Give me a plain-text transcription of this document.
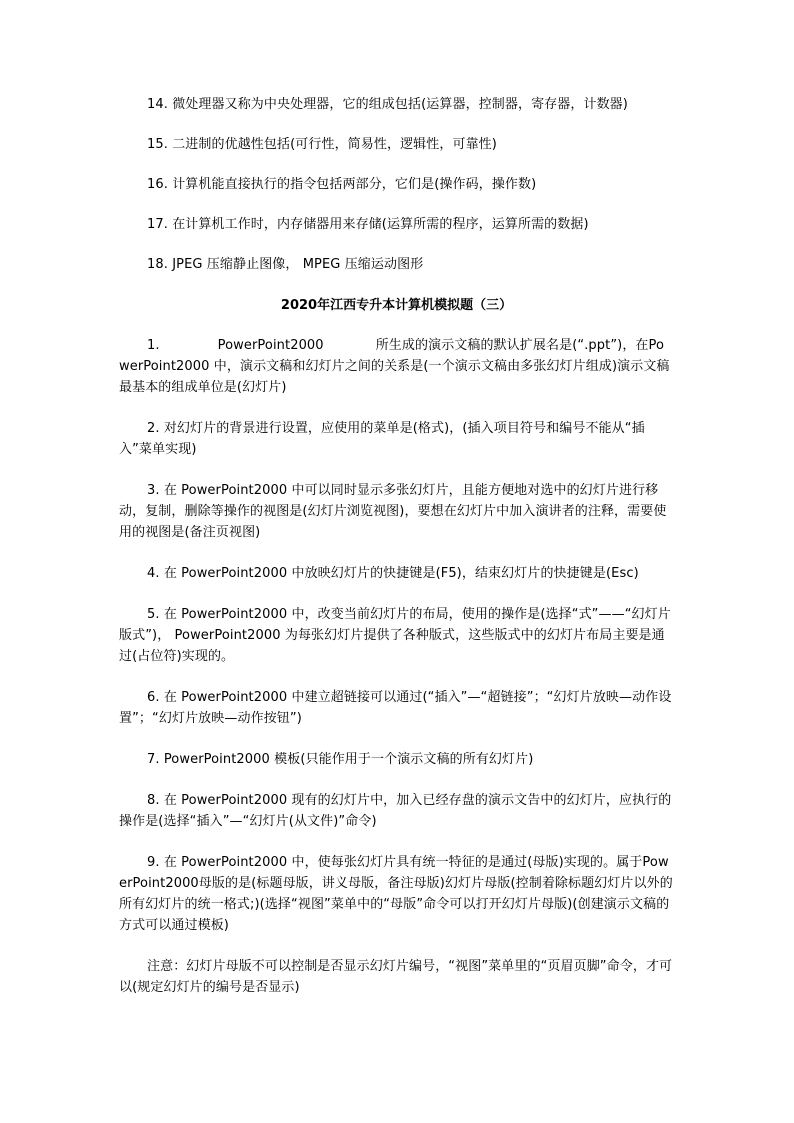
14. 微处理器又称为中央处理器，它的组成包括(运算器，控制器，寄存器，计数器)

15. 二进制的优越性包括(可行性，简易性，逻辑性，可靠性)

16. 计算机能直接执行的指令包括两部分，它们是(操作码，操作数)

17. 在计算机工作时，内存储器用来存储(运算所需的程序，运算所需的数据)

18. JPEG 压缩静止图像， MPEG 压缩运动图形

2020年江西专升本计算机模拟题（三）

1.	PowerPoint2000	所生成的演示文稿的默认扩展名是(“.ppt”)，在PowerPoint2000 中，演示文稿和幻灯片之间的关系是(一个演示文稿由多张幻灯片组成)演示文稿最基本的组成单位是(幻灯片)

2. 对幻灯片的背景进行设置，应使用的菜单是(格式)，(插入项目符号和编号不能从“插入”菜单实现)

3. 在 PowerPoint2000 中可以同时显示多张幻灯片，且能方便地对选中的幻灯片进行移动，复制，删除等操作的视图是(幻灯片浏览视图)，要想在幻灯片中加入演讲者的注释，需要使用的视图是(备注页视图)

4. 在 PowerPoint2000 中放映幻灯片的快捷键是(F5)，结束幻灯片的快捷键是(Esc)

5. 在 PowerPoint2000 中，改变当前幻灯片的布局，使用的操作是(选择“式”——“幻灯片版式”)， PowerPoint2000 为每张幻灯片提供了各种版式，这些版式中的幻灯片布局主要是通过(占位符)实现的。

6. 在 PowerPoint2000 中建立超链接可以通过(“插入”—“超链接”；“幻灯片放映—动作设置”；“幻灯片放映—动作按钮”)

7. PowerPoint2000 模板(只能作用于一个演示文稿的所有幻灯片)

8. 在 PowerPoint2000 现有的幻灯片中，加入已经存盘的演示文告中的幻灯片，应执行的操作是(选择“插入”—“幻灯片(从文件)”命令)

9. 在 PowerPoint2000 中，使每张幻灯片具有统一特征的是通过(母版)实现的。属于PowerPoint2000母版的是(标题母版，讲义母版，备注母版)幻灯片母版(控制着除标题幻灯片以外的所有幻灯片的统一格式;)(选择“视图”菜单中的“母版”命令可以打开幻灯片母版)(创建演示文稿的方式可以通过模板)

注意：幻灯片母版不可以控制是否显示幻灯片编号，“视图”菜单里的“页眉页脚”命令，才可以(规定幻灯片的编号是否显示)
